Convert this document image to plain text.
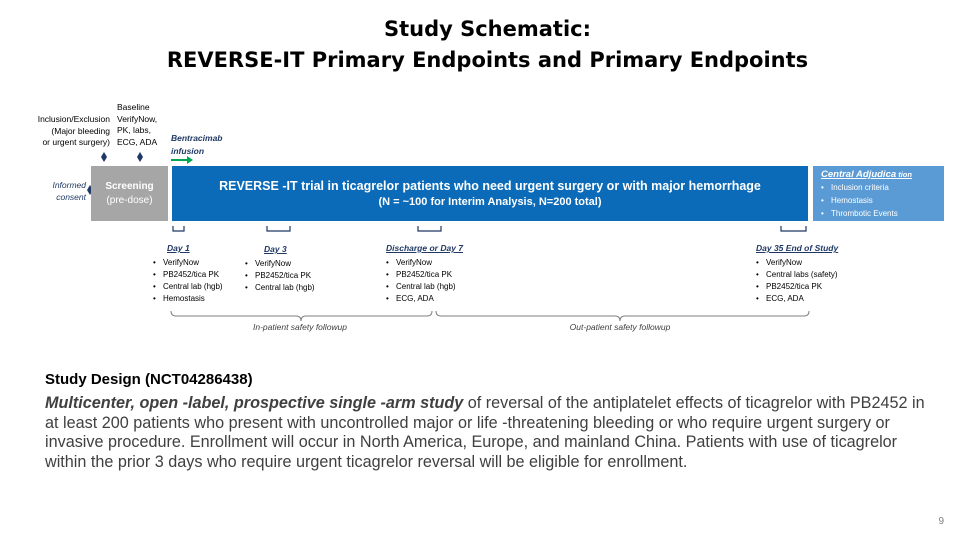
Study Schematic:
REVERSE-IT Primary Endpoints and Primary Endpoints
Inclusion/Exclusion
(Major bleeding
or urgent surgery)
Baseline
VerifyNow,
PK, labs,
ECG, ADA	Bentracimab
infusion
Informed
consent
Screening
(pre-dose)
REVERSE -IT trial in ticagrelor patients who need urgent surgery or with major hemorrhage
(N = ~100 for Interim Analysis, N=200 total)
Central Adjudica tion
• Inclusion criteria
• Hemostasis
• Thrombotic Events
Day 1
• VerifyNow
• PB2452/tica PK
• Central lab (hgb)
• Hemostasis
Day 3
• VerifyNow
• PB2452/tica PK
• Central lab (hgb)
Discharge or Day 7
• VerifyNow
• PB2452/tica PK
• Central lab (hgb)
• ECG, ADA
Day 35 End of Study
• VerifyNow
• Central labs (safety)
• PB2452/tica PK
• ECG, ADA
In-patient safety followup	Out-patient safety followup
Study Design (NCT04286438)
Multicenter, open -label, prospective single -arm study of reversal of the antiplatelet effects of ticagrelor with PB2452 in at least 200 patients who present with uncontrolled major or life -threatening bleeding or who require urgent surgery or invasive procedure. Enrollment will occur in North America, Europe, and mainland China. Patients with use of ticagrelor within the prior 3 days who require urgent ticagrelor reversal will be eligible for enrollment.
9
